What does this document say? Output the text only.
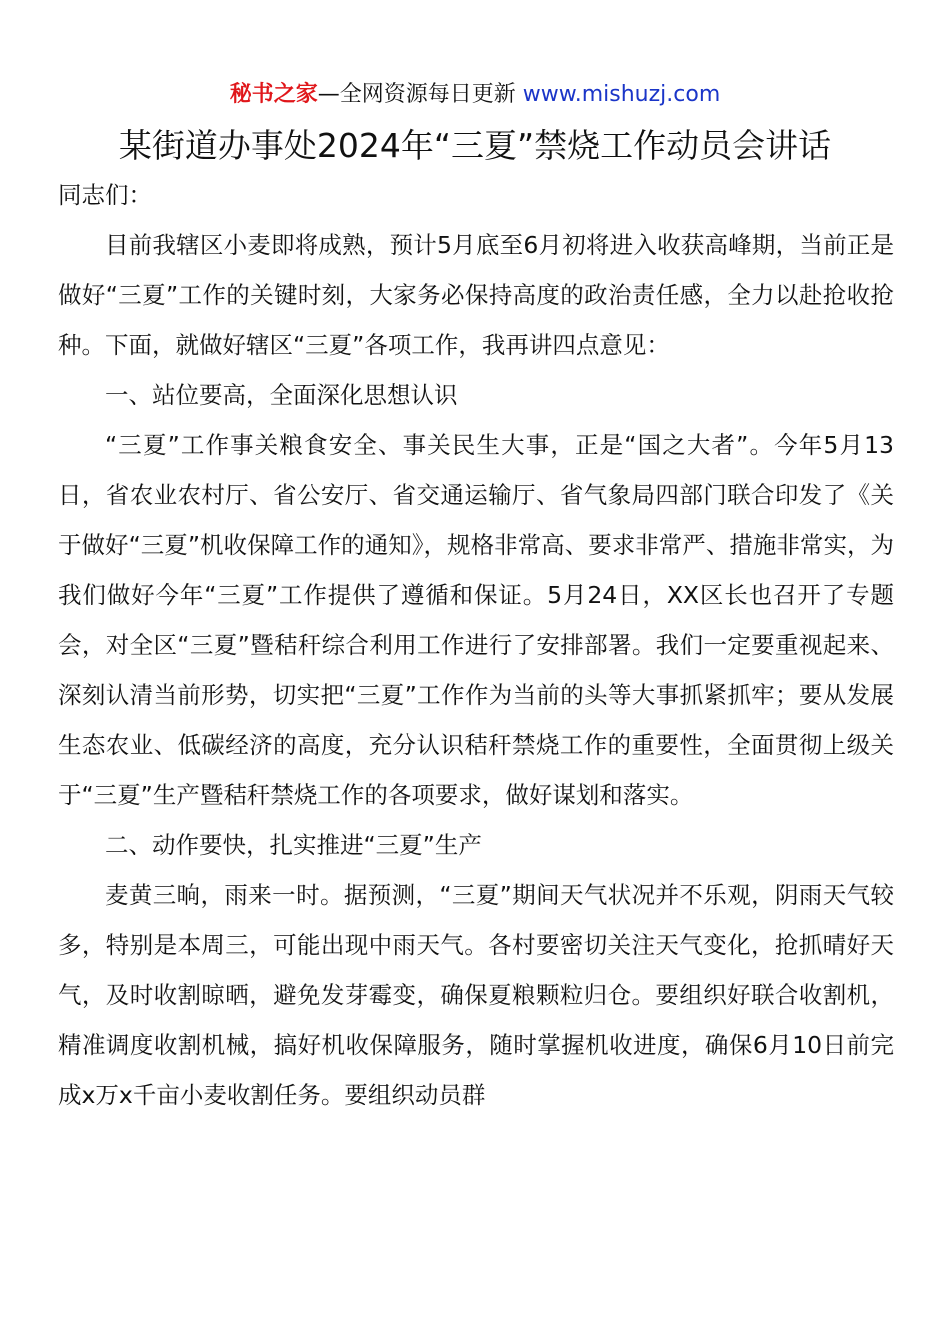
秘书之家—全网资源每日更新 www.mishuzj.com
某街道办事处2024年“三夏”禁烧工作动员会讲话

同志们：

目前我辖区小麦即将成熟，预计5月底至6月初将进入收获高峰期，当前正是做好“三夏”工作的关键时刻，大家务必保持高度的政治责任感，全力以赴抢收抢种。下面，就做好辖区“三夏”各项工作，我再讲四点意见：

一、站位要高，全面深化思想认识

“三夏”工作事关粮食安全、事关民生大事，正是“国之大者”。今年5月13日，省农业农村厅、省公安厅、省交通运输厅、省气象局四部门联合印发了《关于做好“三夏”机收保障工作的通知》，规格非常高、要求非常严、措施非常实，为我们做好今年“三夏”工作提供了遵循和保证。5月24日，XX区长也召开了专题会，对全区“三夏”暨秸秆综合利用工作进行了安排部署。我们一定要重视起来、深刻认清当前形势，切实把“三夏”工作作为当前的头等大事抓紧抓牢；要从发展生态农业、低碳经济的高度，充分认识秸秆禁烧工作的重要性，全面贯彻上级关于“三夏”生产暨秸秆禁烧工作的各项要求，做好谋划和落实。

二、动作要快，扎实推进“三夏”生产

麦黄三晌，雨来一时。据预测，“三夏”期间天气状况并不乐观，阴雨天气较多，特别是本周三，可能出现中雨天气。各村要密切关注天气变化，抢抓晴好天气，及时收割晾晒，避免发芽霉变，确保夏粮颗粒归仓。要组织好联合收割机，精准调度收割机械，搞好机收保障服务，随时掌握机收进度，确保6月10日前完成x万x千亩小麦收割任务。要组织动员群
